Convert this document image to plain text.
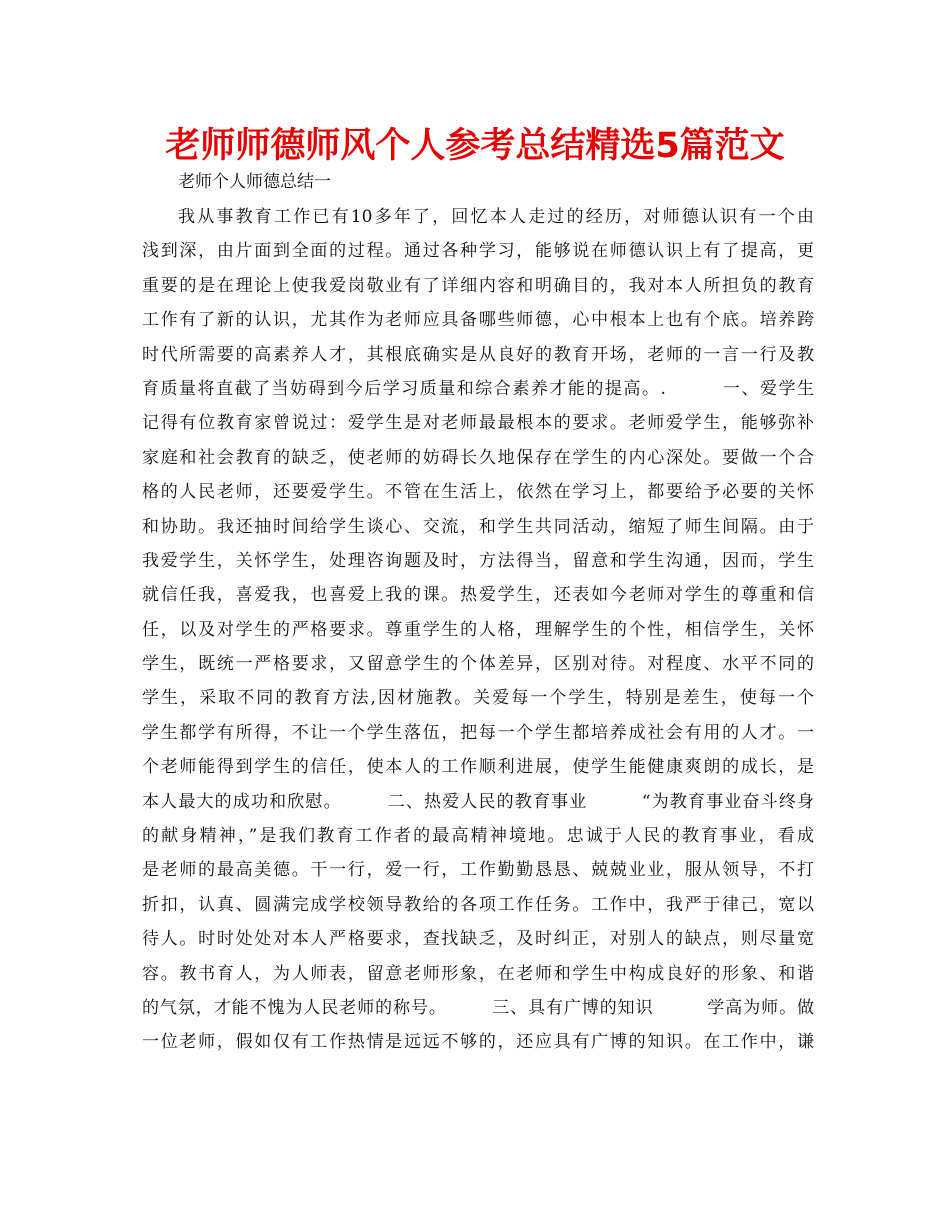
老师师德师风个人参考总结精选5篇范文
老师个人师德总结一
我从事教育工作已有10多年了，回忆本人走过的经历，对师德认识有一个由
浅到深，由片面到全面的过程。通过各种学习，能够说在师德认识上有了提高，更
重要的是在理论上使我爱岗敬业有了详细内容和明确目的，我对本人所担负的教育
工作有了新的认识，尤其作为老师应具备哪些师德，心中根本上也有个底。培养跨
时代所需要的高素养人才，其根底确实是从良好的教育开场，老师的一言一行及教
育质量将直截了当妨碍到今后学习质量和综合素养才能的提高。.　　　一、爱学生
记得有位教育家曾说过：爱学生是对老师最最根本的要求。老师爱学生，能够弥补
家庭和社会教育的缺乏，使老师的妨碍长久地保存在学生的内心深处。要做一个合
格的人民老师，还要爱学生。不管在生活上，依然在学习上，都要给予必要的关怀
和协助。我还抽时间给学生谈心、交流，和学生共同活动，缩短了师生间隔。由于
我爱学生，关怀学生，处理咨询题及时，方法得当，留意和学生沟通，因而，学生
就信任我，喜爱我，也喜爱上我的课。热爱学生，还表如今老师对学生的尊重和信
任，以及对学生的严格要求。尊重学生的人格，理解学生的个性，相信学生，关怀
学生，既统一严格要求，又留意学生的个体差异，区别对待。对程度、水平不同的
学生，采取不同的教育方法,因材施教。关爱每一个学生，特别是差生，使每一个
学生都学有所得，不让一个学生落伍，把每一个学生都培养成社会有用的人才。一
个老师能得到学生的信任，使本人的工作顺利进展，使学生能健康爽朗的成长，是
本人最大的成功和欣慰。　　　二、热爱人民的教育事业　　　“为教育事业奋斗终身
的献身精神，”是我们教育工作者的最高精神境地。忠诚于人民的教育事业，看成
是老师的最高美德。干一行，爱一行，工作勤勤恳恳、兢兢业业，服从领导，不打
折扣，认真、圆满完成学校领导教给的各项工作任务。工作中，我严于律己，宽以
待人。时时处处对本人严格要求，查找缺乏，及时纠正，对别人的缺点，则尽量宽
容。教书育人，为人师表，留意老师形象，在老师和学生中构成良好的形象、和谐
的气氛，才能不愧为人民老师的称号。　　　三、具有广博的知识　　　学高为师。做
一位老师，假如仅有工作热情是远远不够的，还应具有广博的知识。在工作中，谦
